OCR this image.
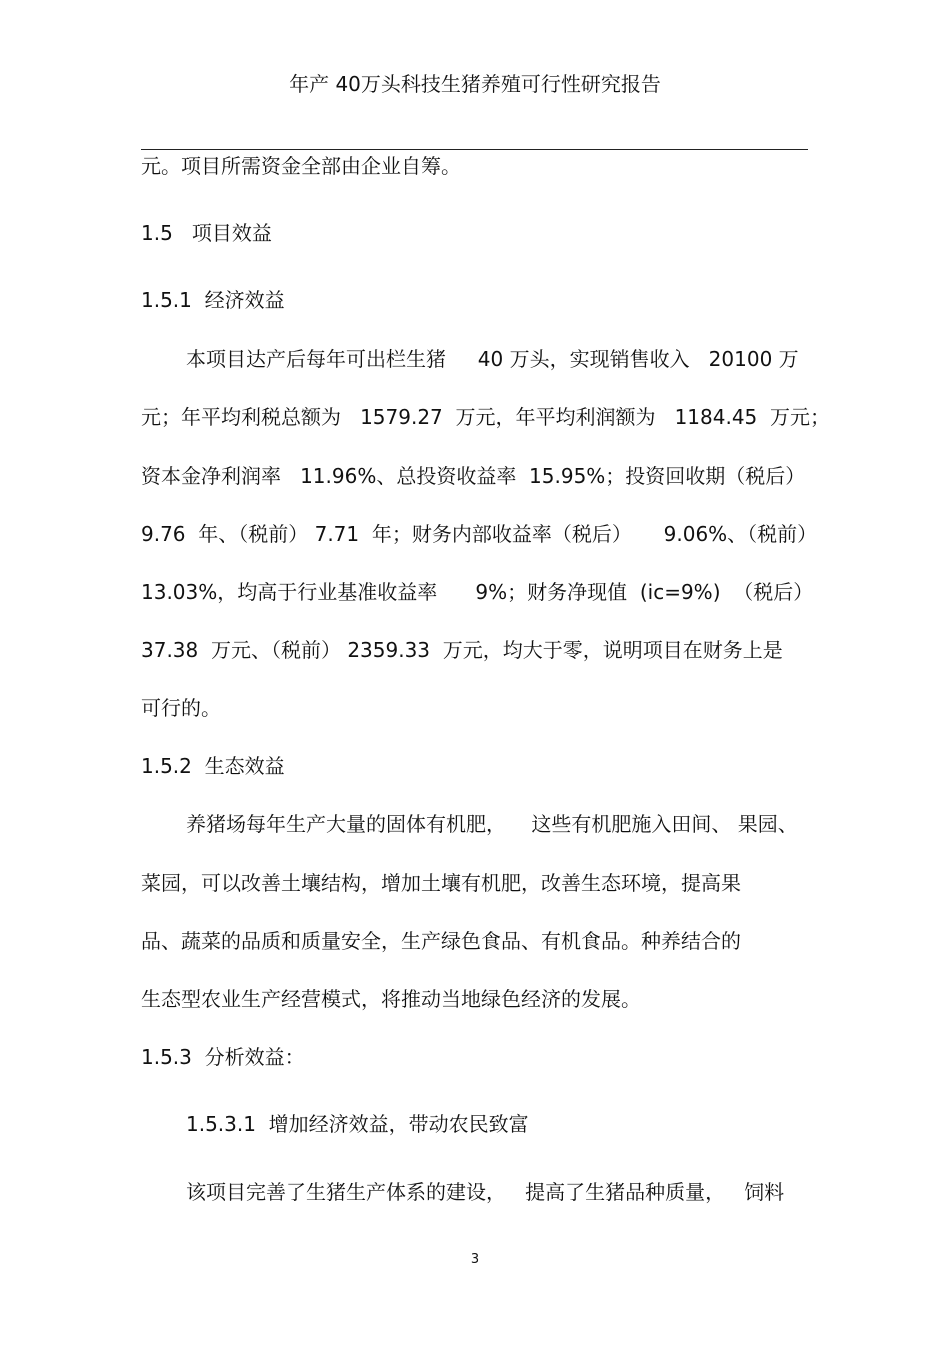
年产 40万头科技生猪养殖可行性研究报告
元。项目所需资金全部由企业自筹。
1.5   项目效益
1.5.1  经济效益
本项目达产后每年可出栏生猪     40 万头，实现销售收入   20100 万
元；年平均利税总额为   1579.27  万元，年平均利润额为   1184.45  万元；
资本金净利润率   11.96%、总投资收益率  15.95%；投资回收期（税后）
9.76  年、（税前） 7.71  年；财务内部收益率（税后）     9.06%、（税前）
13.03%，均高于行业基准收益率      9%；财务净现值  (ic=9%)  （税后）
37.38  万元、（税前） 2359.33  万元，均大于零，说明项目在财务上是
可行的。
1.5.2  生态效益
养猪场每年生产大量的固体有机肥，    这些有机肥施入田间、 果园、
菜园，可以改善土壤结构，增加土壤有机肥，改善生态环境，提高果
品、蔬菜的品质和质量安全，生产绿色食品、有机食品。种养结合的
生态型农业生产经营模式，将推动当地绿色经济的发展。
1.5.3  分析效益：
1.5.3.1  增加经济效益，带动农民致富
该项目完善了生猪生产体系的建设，   提高了生猪品种质量，   饲料
3
